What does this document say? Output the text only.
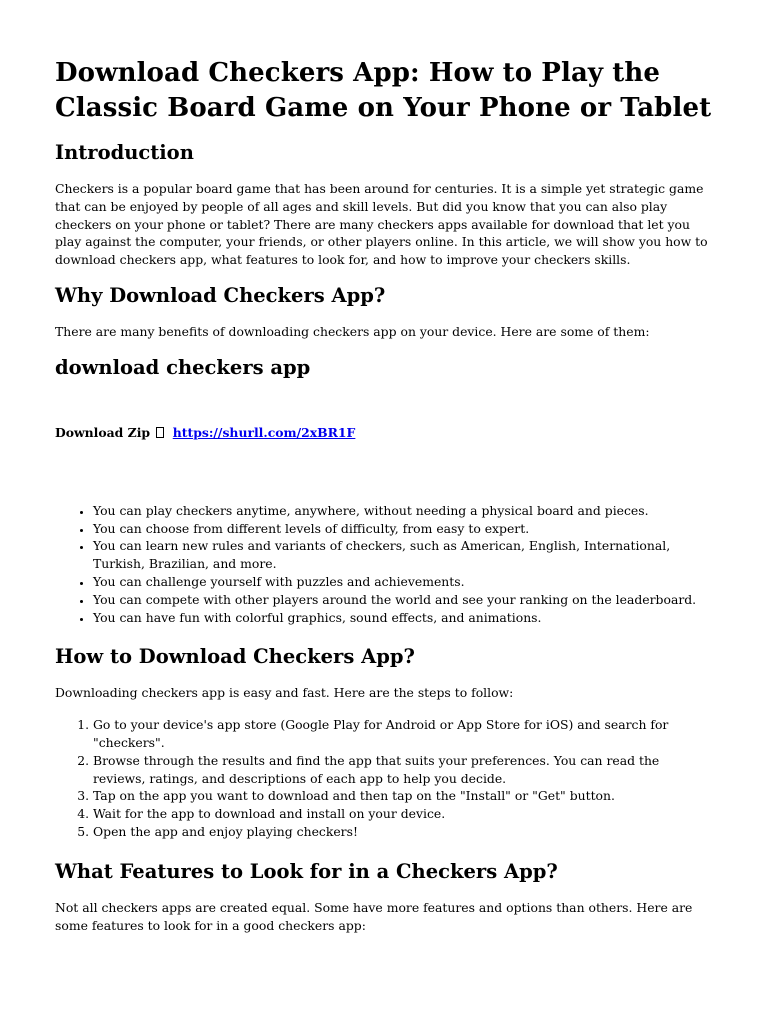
Download Checkers App: How to Play the Classic Board Game on Your Phone or Tablet
Introduction

Checkers is a popular board game that has been around for centuries. It is a simple yet strategic game that can be enjoyed by people of all ages and skill levels. But did you know that you can also play checkers on your phone or tablet? There are many checkers apps available for download that let you play against the computer, your friends, or other players online. In this article, we will show you how to download checkers app, what features to look for, and how to improve your checkers skills.

Why Download Checkers App?

There are many benefits of downloading checkers app on your device. Here are some of them:

download checkers app
Download Zip https://shurll.com/2xBR1F
• You can play checkers anytime, anywhere, without needing a physical board and pieces.
• You can choose from different levels of difficulty, from easy to expert.
• You can learn new rules and variants of checkers, such as American, English, International, Turkish, Brazilian, and more.
• You can challenge yourself with puzzles and achievements.
• You can compete with other players around the world and see your ranking on the leaderboard.
• You can have fun with colorful graphics, sound effects, and animations.
How to Download Checkers App?

Downloading checkers app is easy and fast. Here are the steps to follow:

1. Go to your device's app store (Google Play for Android or App Store for iOS) and search for "checkers".
2. Browse through the results and find the app that suits your preferences. You can read the reviews, ratings, and descriptions of each app to help you decide.
3. Tap on the app you want to download and then tap on the "Install" or "Get" button.
4. Wait for the app to download and install on your device.
5. Open the app and enjoy playing checkers!
What Features to Look for in a Checkers App?

Not all checkers apps are created equal. Some have more features and options than others. Here are some features to look for in a good checkers app:
